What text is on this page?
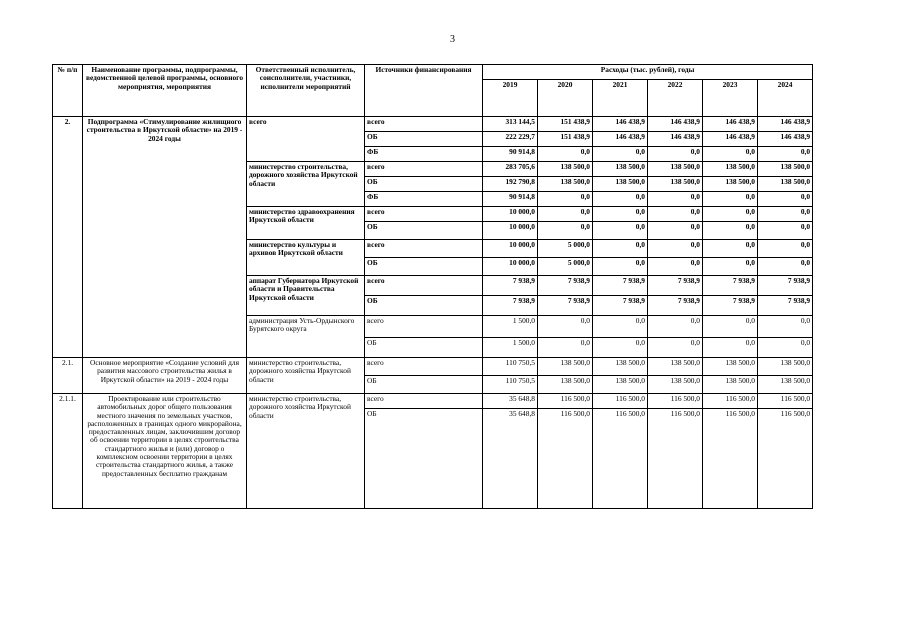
3
№ п/п	Наименование программы, подпрограммы, ведомственной целевой программы, основного мероприятия, мероприятия	Ответственный исполнитель, соисполнители, участники, исполнители мероприятий	Источники финансирования	Расходы (тыс. рублей), годы					
				2019	2020	2021	2022	2023	2024
2.	Подпрограмма «Стимулирование жилищного строительства в Иркутской области» на 2019 - 2024 годы	всего	всего	313 144,5	151 438,9	146 438,9	146 438,9	146 438,9	146 438,9
			ОБ	222 229,7	151 438,9	146 438,9	146 438,9	146 438,9	146 438,9
			ФБ	90 914,8	0,0	0,0	0,0	0,0	0,0
		министерство строительства, дорожного хозяйства Иркутской области	всего	283 705,6	138 500,0	138 500,0	138 500,0	138 500,0	138 500,0
			ОБ	192 790,8	138 500,0	138 500,0	138 500,0	138 500,0	138 500,0
			ФБ	90 914,8	0,0	0,0	0,0	0,0	0,0
		министерство здравоохранения Иркутской области	всего	10 000,0	0,0	0,0	0,0	0,0	0,0
			ОБ	10 000,0	0,0	0,0	0,0	0,0	0,0
		министерство культуры и архивов Иркутской области	всего	10 000,0	5 000,0	0,0	0,0	0,0	0,0
			ОБ	10 000,0	5 000,0	0,0	0,0	0,0	0,0
		аппарат Губернатора Иркутской области и Правительства Иркутской области	всего	7 938,9	7 938,9	7 938,9	7 938,9	7 938,9	7 938,9
			ОБ	7 938,9	7 938,9	7 938,9	7 938,9	7 938,9	7 938,9
		администрация Усть-Ордынского Бурятского округа	всего	1 500,0	0,0	0,0	0,0	0,0	0,0
			ОБ	1 500,0	0,0	0,0	0,0	0,0	0,0
2.1.	Основное мероприятие «Создание условий для развития массового строительства жилья в Иркутской области» на 2019 - 2024 годы	министерство строительства, дорожного хозяйства Иркутской области	всего	110 750,5	138 500,0	138 500,0	138 500,0	138 500,0	138 500,0
			ОБ	110 750,5	138 500,0	138 500,0	138 500,0	138 500,0	138 500,0
2.1.1.	Проектирование или строительство автомобильных дорог общего пользования местного значения по земельных участков, расположенных в границах одного микрорайона, предоставленных лицам, заключившим договор об освоении территории в целях строительства стандартного жилья и (или) договор о комплексном освоении территории в целях строительства стандартного жилья, а также предоставленных бесплатно гражданам	министерство строительства, дорожного хозяйства Иркутской области	всего	35 648,8	116 500,0	116 500,0	116 500,0	116 500,0	116 500,0
			ОБ	35 648,8	116 500,0	116 500,0	116 500,0	116 500,0	116 500,0
